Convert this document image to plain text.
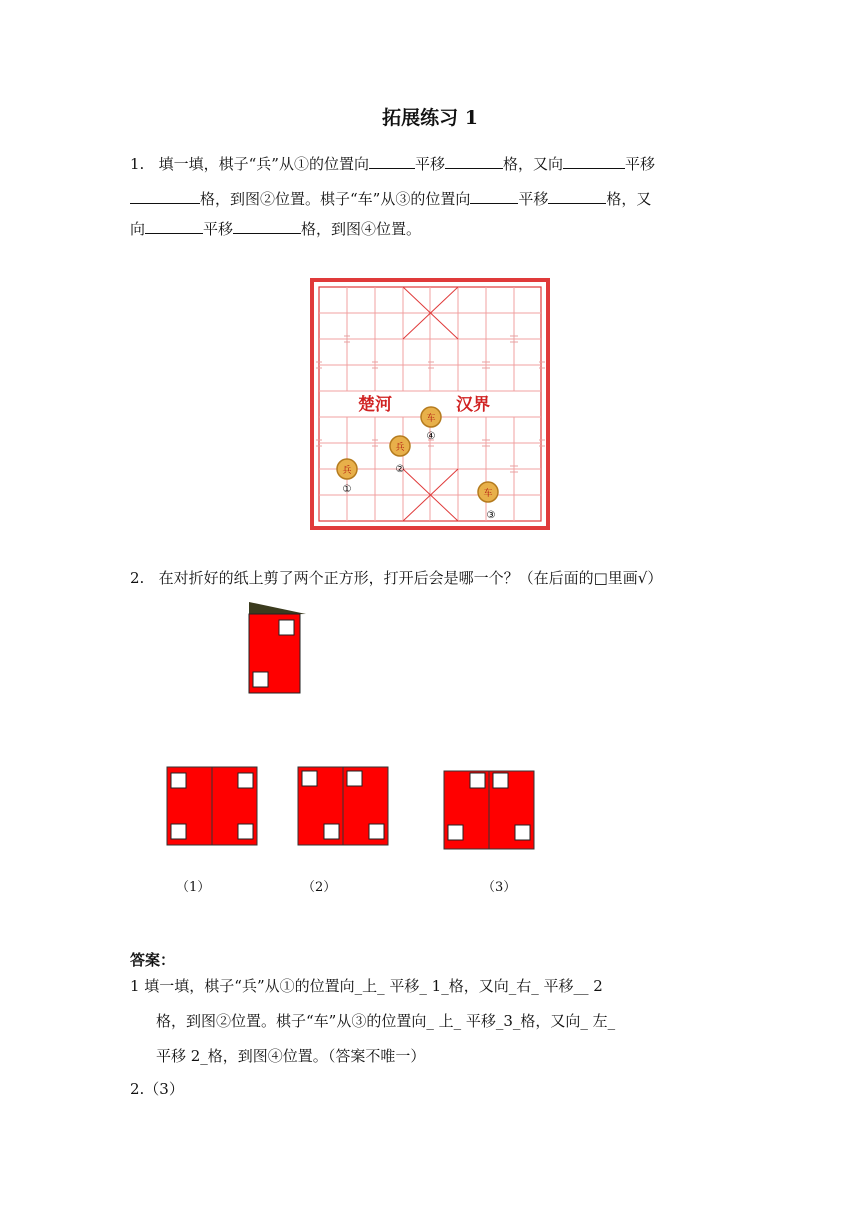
拓展练习 1
1. 填一填，棋子“兵”从①的位置向	平移	格，又向	平移
格，到图②位置。棋子“车”从③的位置向	平移	格，又
向	平移	格，到图④位置。
楚河	汉界
车
④
兵
②
兵
①	车
③
2. 在对折好的纸上剪了两个正方形，打开后会是哪一个？（在后面的□里画√）
（1）	（2）	（3）
答案：
1 填一填，棋子“兵”从①的位置向_上_ 平移_ 1_格，又向_右_ 平移__ 2
格，到图②位置。棋子“车”从③的位置向_ 上_ 平移_3_格，又向_ 左_
平移 2_格，到图④位置。（答案不唯一）
2.（3）
